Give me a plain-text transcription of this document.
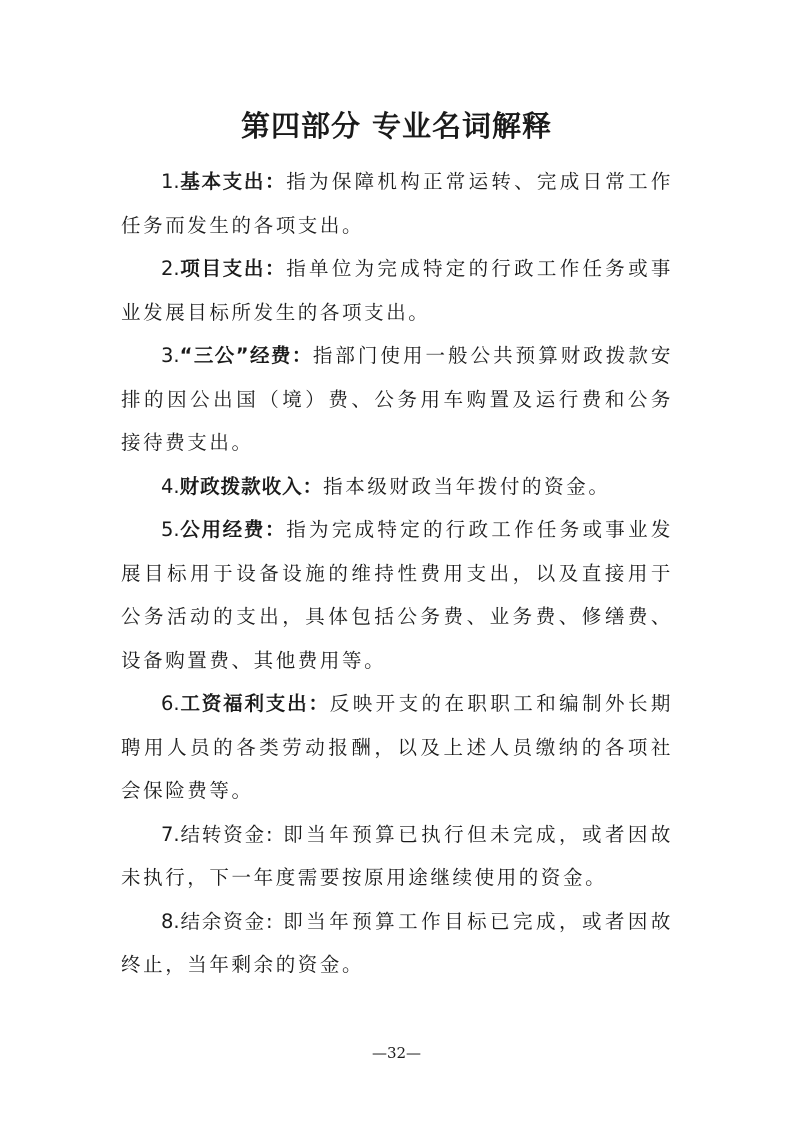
第四部分 专业名词解释

1.基本支出：指为保障机构正常运转、完成日常工作任务而发生的各项支出。

2.项目支出：指单位为完成特定的行政工作任务或事业发展目标所发生的各项支出。

3.“三公”经费：指部门使用一般公共预算财政拨款安排的因公出国（境）费、公务用车购置及运行费和公务接待费支出。

4.财政拨款收入：指本级财政当年拨付的资金。

5.公用经费：指为完成特定的行政工作任务或事业发展目标用于设备设施的维持性费用支出，以及直接用于公务活动的支出，具体包括公务费、业务费、修缮费、设备购置费、其他费用等。

6.工资福利支出：反映开支的在职职工和编制外长期聘用人员的各类劳动报酬，以及上述人员缴纳的各项社会保险费等。

7.结转资金: 即当年预算已执行但未完成，或者因故未执行，下一年度需要按原用途继续使用的资金。

8.结余资金: 即当年预算工作目标已完成，或者因故终止，当年剩余的资金。

—32—
